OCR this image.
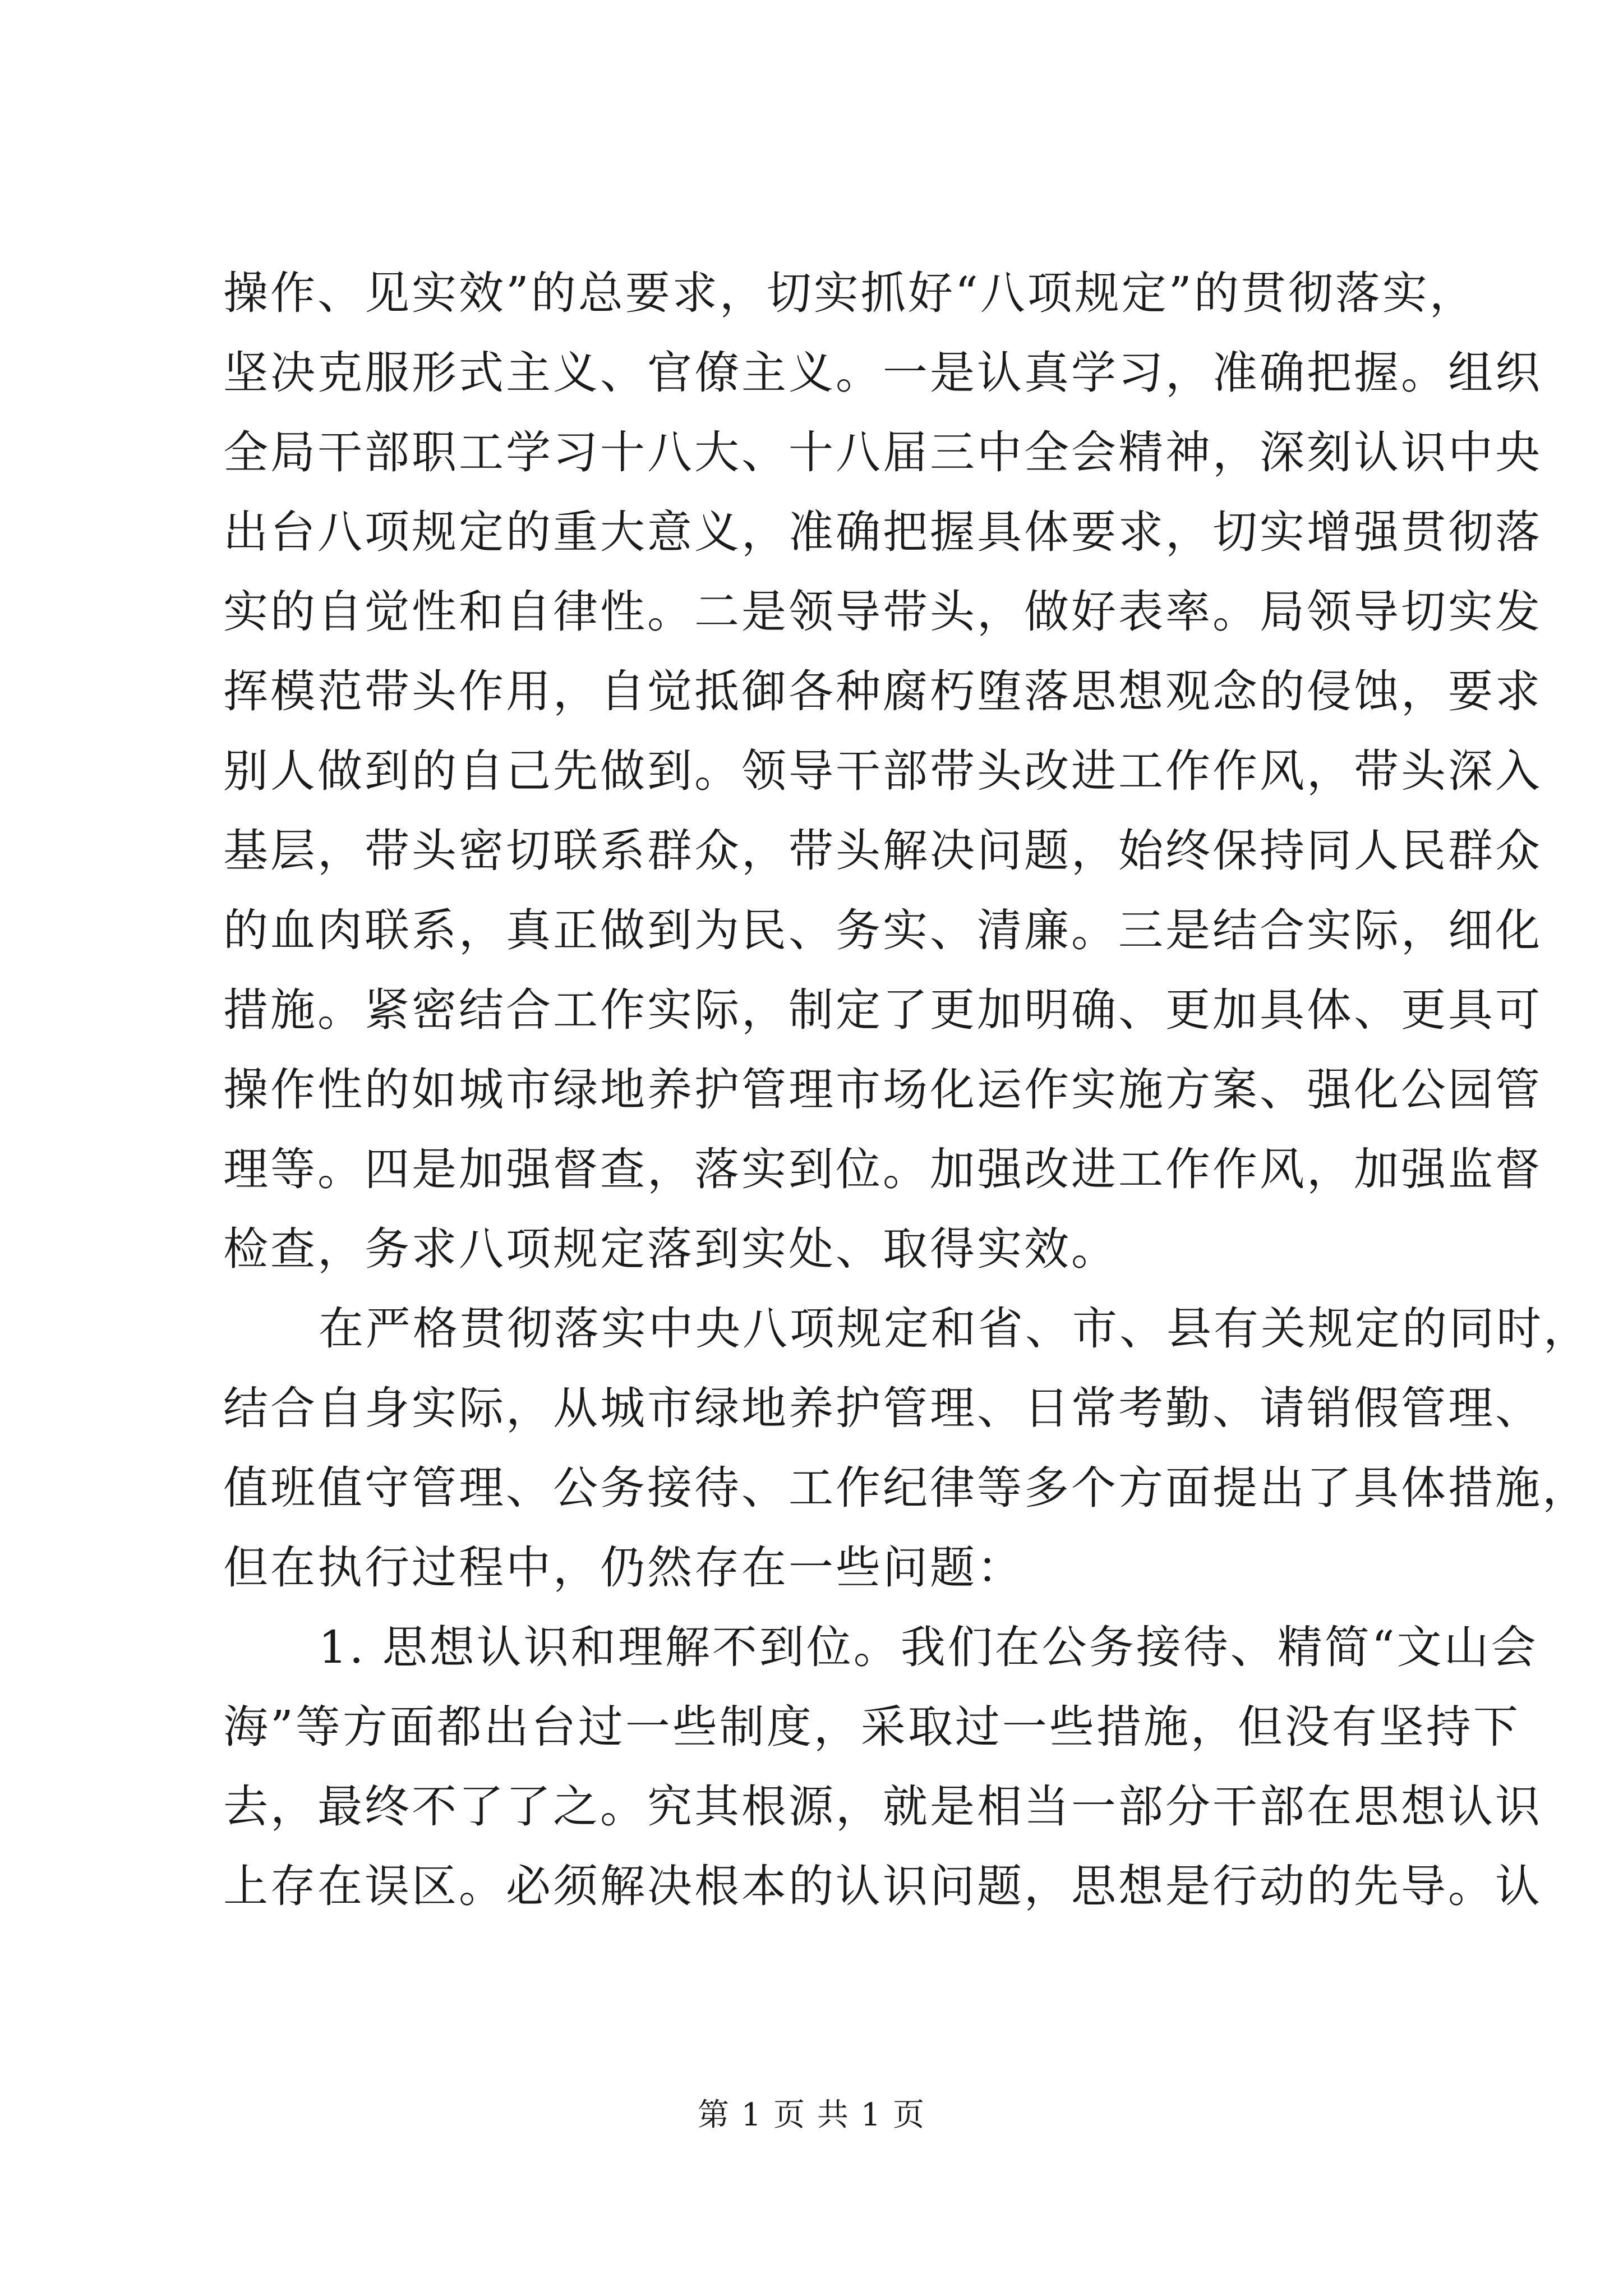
操作、见实效”的总要求，切实抓好“八项规定”的贯彻落实，
坚决克服形式主义、官僚主义。一是认真学习，准确把握。组织
全局干部职工学习十八大、十八届三中全会精神，深刻认识中央
出台八项规定的重大意义，准确把握具体要求，切实增强贯彻落
实的自觉性和自律性。二是领导带头，做好表率。局领导切实发
挥模范带头作用，自觉抵御各种腐朽堕落思想观念的侵蚀，要求
别人做到的自己先做到。领导干部带头改进工作作风，带头深入
基层，带头密切联系群众，带头解决问题，始终保持同人民群众
的血肉联系，真正做到为民、务实、清廉。三是结合实际，细化
措施。紧密结合工作实际，制定了更加明确、更加具体、更具可
操作性的如城市绿地养护管理市场化运作实施方案、强化公园管
理等。四是加强督查，落实到位。加强改进工作作风，加强监督
检查，务求八项规定落到实处、取得实效。
在严格贯彻落实中央八项规定和省、市、县有关规定的同时，
结合自身实际，从城市绿地养护管理、日常考勤、请销假管理、
值班值守管理、公务接待、工作纪律等多个方面提出了具体措施，
但在执行过程中，仍然存在一些问题：
1. 思想认识和理解不到位。我们在公务接待、精简“文山会
海”等方面都出台过一些制度，采取过一些措施，但没有坚持下
去，最终不了了之。究其根源，就是相当一部分干部在思想认识
上存在误区。必须解决根本的认识问题，思想是行动的先导。认
第 1 页 共 1 页
